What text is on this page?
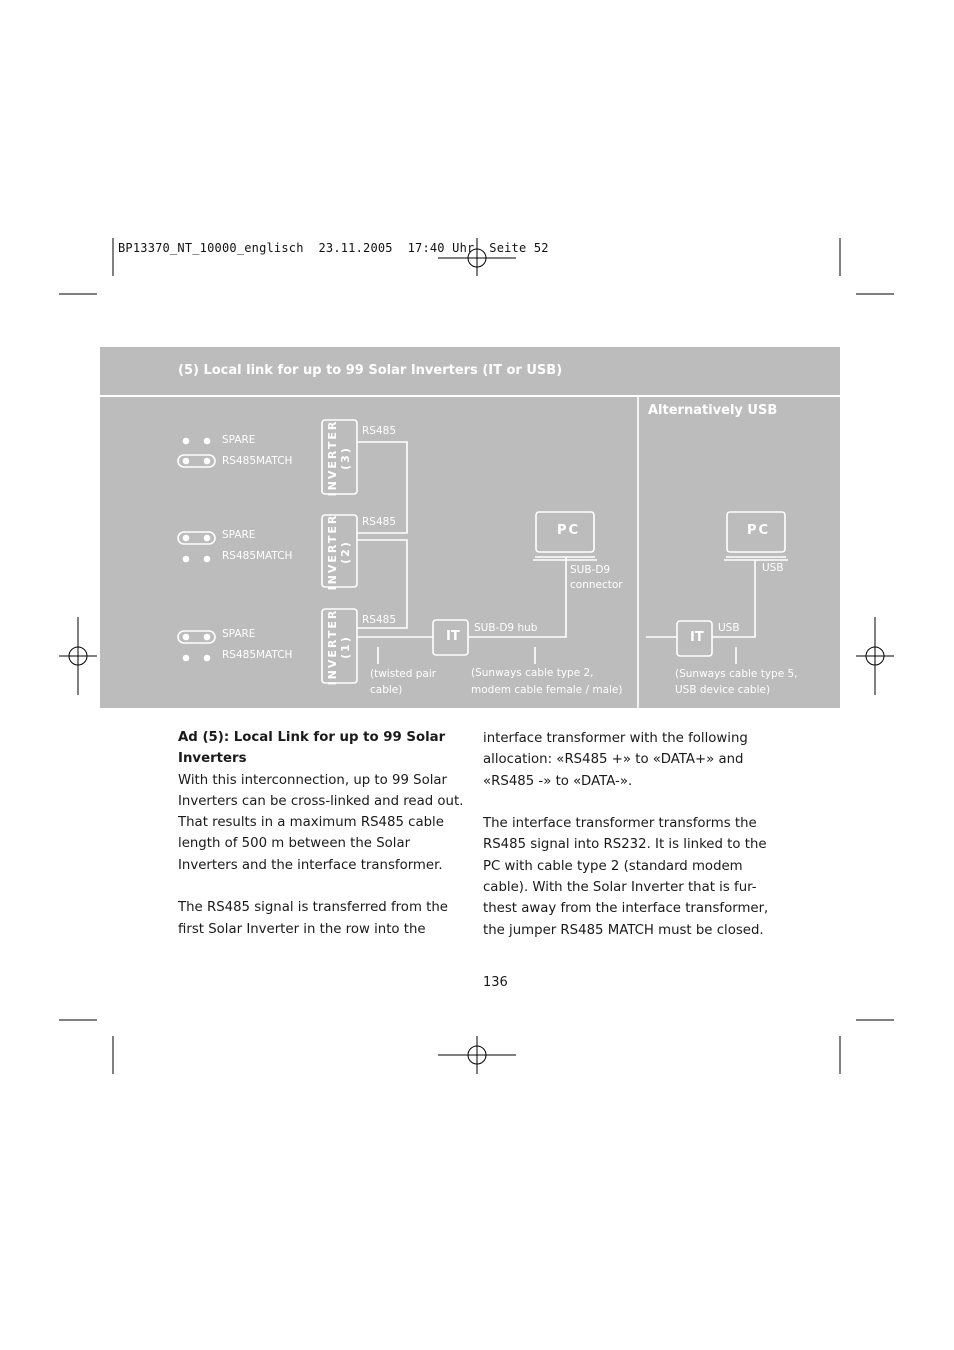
BP13370_NT_10000_englisch 23.11.2005 17:40 Uhr Seite 52
(5) Local link for up to 99 Solar Inverters (IT or USB)
Alternatively USB
SPARE
RS485MATCH
SPARE
RS485MATCH
SPARE
RS485MATCH
INVERTER
(3)
INVERTER
(2)
INVERTER
(1)
RS485
RS485
RS485
IT
PC
IT
PC
SUB-D9 hub
SUB-D9
connector
(twisted pair
cable)
(Sunways cable type 2,
modem cable female / male)
USB
USB
(Sunways cable type 5,
USB device cable)

Ad (5): Local Link for up to 99 Solar

Inverters

With this interconnection, up to 99 Solar

Inverters can be cross-linked and read out.

That results in a maximum RS485 cable

length of 500 m between the Solar

Inverters and the interface transformer.

The RS485 signal is transferred from the

first Solar Inverter in the row into the

interface transformer with the following

allocation: «RS485 +» to «DATA+» and

«RS485 -» to «DATA-».

The interface transformer transforms the

RS485 signal into RS232. It is linked to the

PC with cable type 2 (standard modem

cable). With the Solar Inverter that is fur-

thest away from the interface transformer,

the jumper RS485 MATCH must be closed.

136
